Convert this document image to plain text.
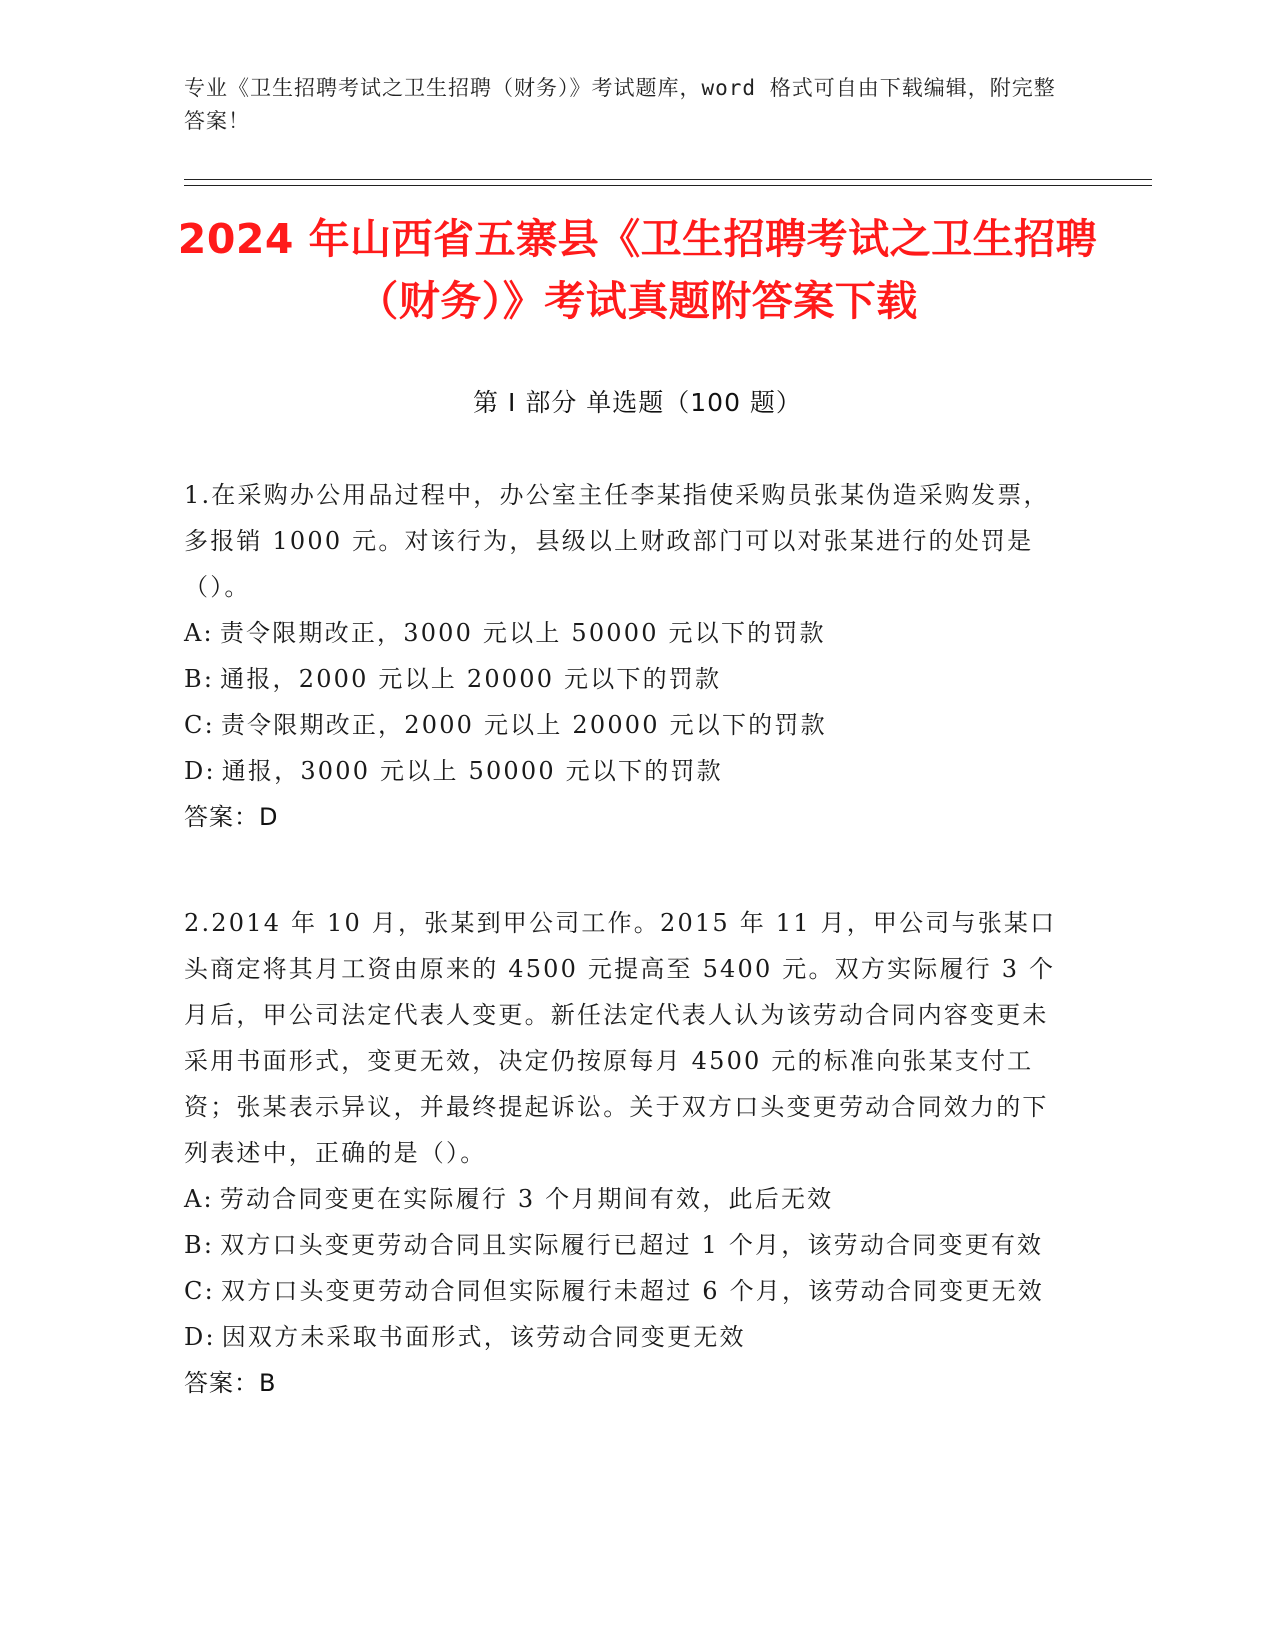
专业《卫生招聘考试之卫生招聘（财务）》考试题库，word 格式可自由下载编辑，附完整答案！
2024 年山西省五寨县《卫生招聘考试之卫生招聘（财务）》考试真题附答案下载
第 I 部分 单选题（100 题）

1.在采购办公用品过程中，办公室主任李某指使采购员张某伪造采购发票，多报销 1000 元。对该行为，县级以上财政部门可以对张某进行的处罚是（）。

A: 责令限期改正，3000 元以上 50000 元以下的罚款

B: 通报，2000 元以上 20000 元以下的罚款

C: 责令限期改正，2000 元以上 20000 元以下的罚款

D: 通报，3000 元以上 50000 元以下的罚款

答案：D

2.2014 年 10 月，张某到甲公司工作。2015 年 11 月，甲公司与张某口头商定将其月工资由原来的 4500 元提高至 5400 元。双方实际履行 3 个月后，甲公司法定代表人变更。新任法定代表人认为该劳动合同内容变更未采用书面形式，变更无效，决定仍按原每月 4500 元的标准向张某支付工资；张某表示异议，并最终提起诉讼。关于双方口头变更劳动合同效力的下列表述中，正确的是（）。

A: 劳动合同变更在实际履行 3 个月期间有效，此后无效

B: 双方口头变更劳动合同且实际履行已超过 1 个月，该劳动合同变更有效

C: 双方口头变更劳动合同但实际履行未超过 6 个月，该劳动合同变更无效

D: 因双方未采取书面形式，该劳动合同变更无效

答案：B
